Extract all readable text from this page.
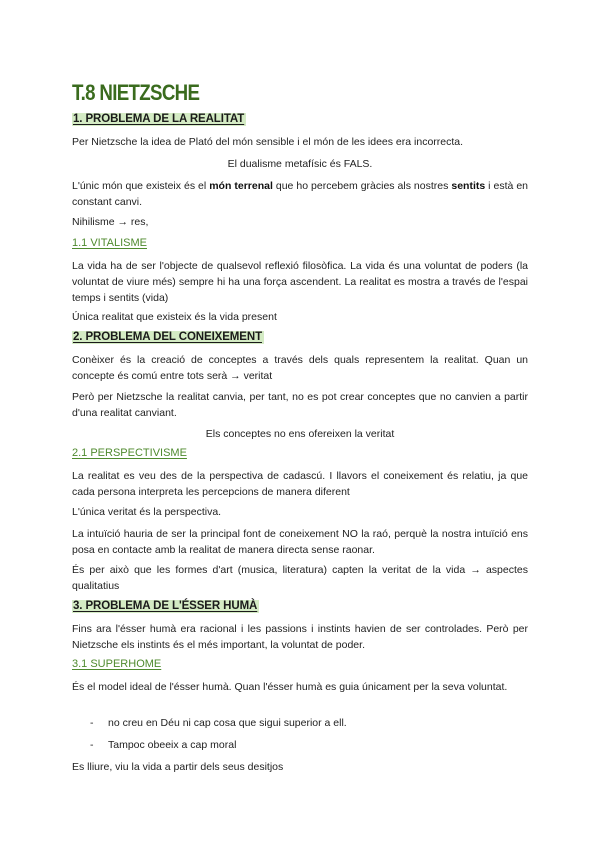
T.8 NIETZSCHE
1. PROBLEMA DE LA REALITAT
Per Nietzsche la idea de Plató del món sensible i el món de les idees era incorrecta.
El dualisme metafísic és FALS.
L'únic món que existeix és el món terrenal que ho percebem gràcies als nostres sentits i està en constant canvi.
Nihilisme → res,
1.1 VITALISME
La vida ha de ser l'objecte de qualsevol reflexió filosòfica. La vida és una voluntat de poders (la voluntat de viure més) sempre hi ha una força ascendent. La realitat es mostra a través de l'espai temps i sentits (vida)
Única realitat que existeix és la vida present
2. PROBLEMA DEL CONEIXEMENT
Conèixer és la creació de conceptes a través dels quals representem la realitat. Quan un concepte és comú entre tots serà → veritat
Però per Nietzsche la realitat canvia, per tant, no es pot crear conceptes que no canvien a partir d'una realitat canviant.
Els conceptes no ens ofereixen la veritat
2.1 PERSPECTIVISME
La realitat es veu des de la perspectiva de cadascú. I llavors el coneixement és relatiu, ja que cada persona interpreta les percepcions de manera diferent
L'única veritat és la perspectiva.
La intuïció hauria de ser la principal font de coneixement NO la raó, perquè la nostra intuïció ens posa en contacte amb la realitat de manera directa sense raonar.
És per això que les formes d'art (musica, literatura) capten la veritat de la vida → aspectes qualitatius
3. PROBLEMA DE L'ÉSSER HUMÀ
Fins ara l'ésser humà era racional i les passions i instints havien de ser controlades. Però per Nietzsche els instints és el més important, la voluntat de poder.
3.1 SUPERHOME
És el model ideal de l'ésser humà. Quan l'ésser humà es guia únicament per la seva voluntat.
- no creu en Déu ni cap cosa que sigui superior a ell.
- Tampoc obeeix a cap moral
Es lliure, viu la vida a partir dels seus desitjos
